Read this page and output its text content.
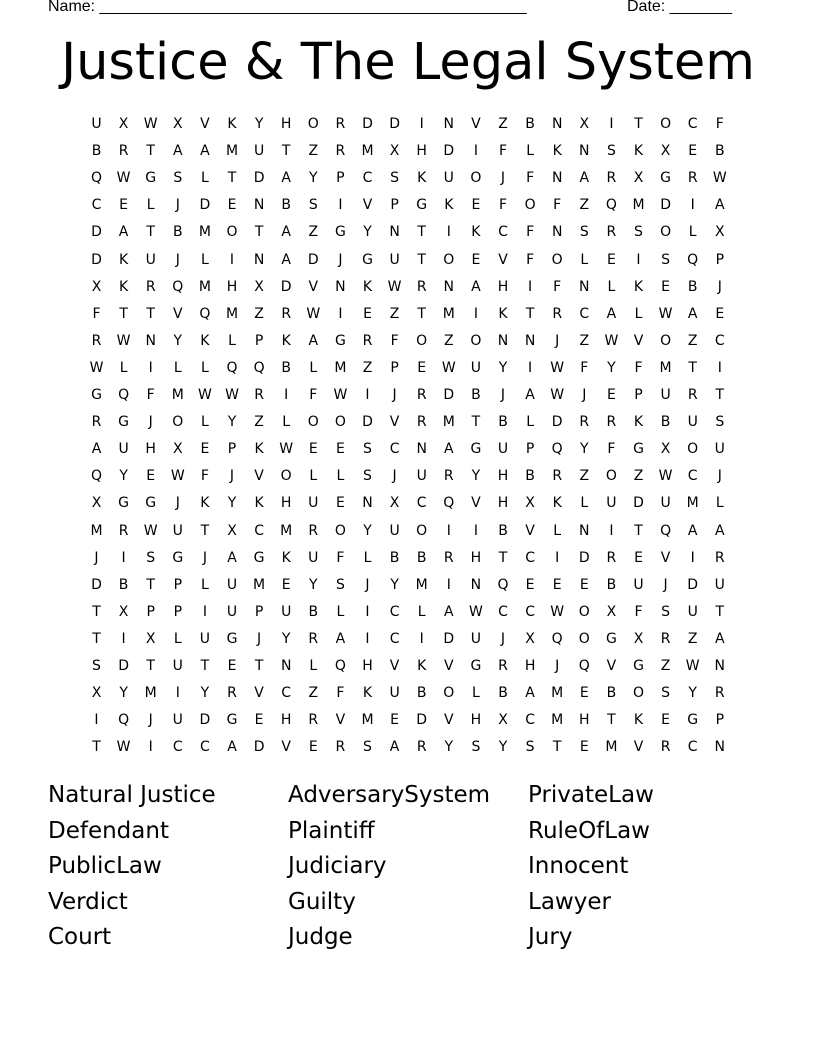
Name: ________________________________________________	Date: _______
Justice & The Legal System
U	X	W	X	V	K	Y	H	O	R	D	D	I	N	V	Z	B	N	X	I	T	O	C	F
B	R	T	A	A	M	U	T	Z	R	M	X	H	D	I	F	L	K	N	S	K	X	E	B
Q	W	G	S	L	T	D	A	Y	P	C	S	K	U	O	J	F	N	A	R	X	G	R	W
C	E	L	J	D	E	N	B	S	I	V	P	G	K	E	F	O	F	Z	Q	M	D	I	A
D	A	T	B	M	O	T	A	Z	G	Y	N	T	I	K	C	F	N	S	R	S	O	L	X
D	K	U	J	L	I	N	A	D	J	G	U	T	O	E	V	F	O	L	E	I	S	Q	P
X	K	R	Q	M	H	X	D	V	N	K	W	R	N	A	H	I	F	N	L	K	E	B	J
F	T	T	V	Q	M	Z	R	W	I	E	Z	T	M	I	K	T	R	C	A	L	W	A	E
R	W	N	Y	K	L	P	K	A	G	R	F	O	Z	O	N	N	J	Z	W	V	O	Z	C
W	L	I	L	L	Q	Q	B	L	M	Z	P	E	W	U	Y	I	W	F	Y	F	M	T	I
G	Q	F	M	W W	R	I	F	W	I	J	R	D	B	J	A	W	J	E	P	U	R	T
R	G	J	O	L	Y	Z	L	O	O	D	V	R	M	T	B	L	D	R	R	K	B	U	S
A	U	H	X	E	P	K	W	E	E	S	C	N	A	G	U	P	Q	Y	F	G	X	O	U
Q	Y	E	W	F	J	V	O	L	L	S	J	U	R	Y	H	B	R	Z	O	Z	W	C	J
X	G	G	J	K	Y	K	H	U	E	N	X	C	Q	V	H	X	K	L	U	D	U	M	L
M	R	W	U	T	X	C	M	R	O	Y	U	O	I	I	B	V	L	N	I	T	Q	A	A
J	I	S	G	J	A	G	K	U	F	L	B	B	R	H	T	C	I	D	R	E	V	I	R
D	B	T	P	L	U	M	E	Y	S	J	Y	M	I	N	Q	E	E	E	B	U	J	D	U
T	X	P	P	I	U	P	U	B	L	I	C	L	A	W	C	C	W	O	X	F	S	U	T
T	I	X	L	U	G	J	Y	R	A	I	C	I	D	U	J	X	Q	O	G	X	R	Z	A
S	D	T	U	T	E	T	N	L	Q	H	V	K	V	G	R	H	J	Q	V	G	Z	W	N
X	Y	M	I	Y	R	V	C	Z	F	K	U	B	O	L	B	A	M	E	B	O	S	Y	R
I	Q	J	U	D	G	E	H	R	V	M	E	D	V	H	X	C	M	H	T	K	E	G	P
T	W	I	C	C	A	D	V	E	R	S	A	R	Y	S	Y	S	T	E	M	V	R	C	N
Natural Justice	AdversarySystem PrivateLaw
Defendant	Plaintiff	RuleOfLaw
PublicLaw	Judiciary	Innocent
Verdict	Guilty	Lawyer
Court	Judge	Jury
